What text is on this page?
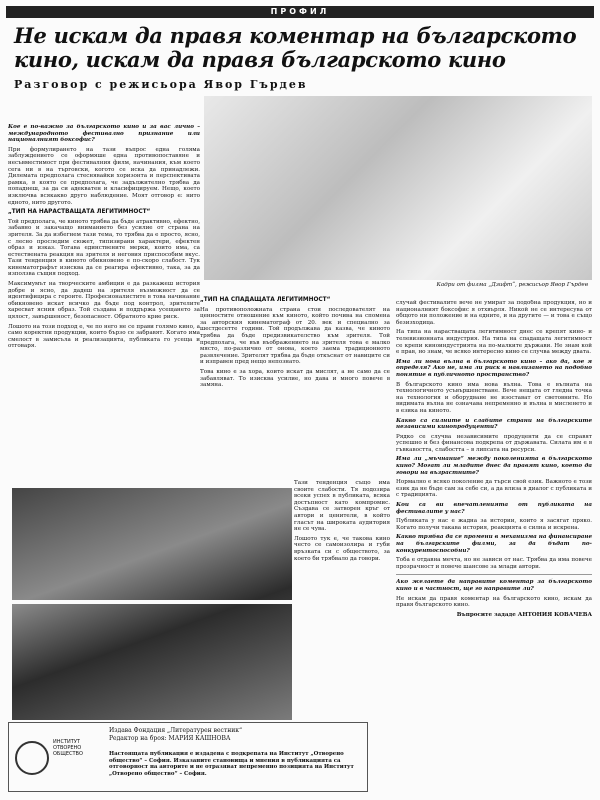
ПРОФИЛ
Не искам да правя коментар на българското кино, искам да правя българското кино
Разговор с режисьора Явор Гърдев
Кадри от филма „Дзифт“, режисьор Явор Гърдев

Кое е по-важно за българското кино и за вас лично – международното фестивално признание или националният боксофис?

При формулирането на тази въпрос една голяма заблуждението се оформяше една противопоставяне и несъвместимост при фестивалния филм, начинания, към което сега ни в на търговски, когото се иска да принадлежи. Дилемата предполага стеснявайки хоризонта и перспективата рамка, в която се предполага, че задължително трябва да попаднеш, за да си адекватен и класифицируем. Нещо, което изключва всякакво друго наблюдение. Моят отговор е: нито едното, нито другото.

„ТИП НА НАРАСТВАЩАТА ЛЕГИТИМНОСТ“

Той предполага, че киното трябва да бъде атрактивно, ефектно, забавно и закачащо вниманието без усилие от страна на зрителя. За да избегнем тази тема, то трябва да е просто, ясно, с лесно проследим сюжет, типизирани характери, ефектен образ и изказ. Тогава единствените мерки, които има, са естествената реакция на зрителя и неговия приспособим вкус. Тази тенденция в киното обикновено е по-скоро слабост. Тук кинематографът изисква да се реагира ефективно, така, за да използва същия подход.

Максимумът на творческите амбиции е да разкажеш история добре и ясно, да дадеш на зрителя възможност да се идентифицира с героите. Професионалистите в това начинание обикновено искат всичко да бъде под контрол, зрителите харесват ясния образ. Той създава и поддържа усещането за цялост, завършеност, безопасност. Обратното крие риск.

Лошото на този подход е, че по него не се прави голямо кино, а само коректни продукции, които бързо се забравят. Когато има смелост в замисъла и реализацията, публиката го усеща и отговаря.

„ТИП НА СПАДАЩАТА ЛЕГИТИМНОСТ“

На противоположната страна стои последователят на ценностите отношение към киното, който почива на спомена за авторския кинематограф от 20. век и специално за шестдесетте години. Той продължава да казва, че киното трябва да бъде предизвикателство към зрителя. Той предполага, че във въображението на зрителя това е малко място, по-различно от онова, което заема традиционното развлечение. Зрителят трябва да бъде откъснат от навиците си и изправен пред нещо непознато.

Това кино е за хора, които искат да мислят, а не само да се забавляват. То изисква усилие, но дава и много повече в замяна.

Тази тенденция също има своите слабости. Тя подозира всеки успех в публиката, всяка достъпност като компромис. Създава се затворен кръг от автори и ценители, в който гласът на широката аудитория не се чува.

Лошото тук е, че такова кино често се самоизолира и губи връзката си с обществото, за което би трябвало да говори.

случай фестивалите вече не умират за подобна продукция, но и националният боксофис я отхвърля. Никой не се интересува от общото ни положение и на едните, и на другите — и това е също безизходица.

На типа на нарастващата легитимност днес се крепят кино- и телевизионната индустрия. На типа на спадащата легитимност се крепи киноиндустрията на по-малките държави. Не знам кой е прав, но знам, че всяко интересно кино се случва между двата.

Има ли нова вълна в българското кино – ако да, кое я определя? Ако не, има ли риск в навлизането на подобно понятие в публичното пространство?

В българското кино има нова вълна. Това е вълната на технологичното усъвършенстване. Вече нещата от гледна точка на технология и оборудване не изостават от световните. Но видимата вълна не означава непременно и вълна в мисленето и в езика на киното.

Какво са силните и слабите страни на българските независими кинопродуценти?

Рядко се случва независимите продуценти да се справят успешно и без финансова подкрепа от държавата. Силата им е в гъвкавостта, слабостта – в липсата на ресурси.

Има ли „мъчнание“ между поколенията в българското кино? Могат ли младите днес да правят кино, което да говори на възрастните?

Нормално е всяко поколение да търси свой език. Важното е този език да не бъде сам за себе си, а да влиза в диалог с публиката и с традицията.

Кои са ви впечатленията от публиката на фестивалите у нас?

Публиката у нас е жадна за истории, които я засягат пряко. Когато получи такава история, реакцията е силна и искрена.

Какво трябва да се промени в механизма на финансиране на българските филми, за да бъдат по-конкурентоспособни?

Тоба е отдавна мечта, но не зависи от нас. Трябва да има повече прозрачност и повече шансове за млади автори.

Ако желаете да направите коментар за българското кино и в частност, ще го направите ли?

Не искам да правя коментар на българското кино, искам да правя българското кино.

Въпросите зададе АНТОНИЯ КОВАЧЕВА

ИНСТИТУТ ОТВОРЕНО ОБЩЕСТВО
Издава Фондация „Литературен вестник“
Редактор на броя: МАРИЯ КАШНОВА
Настоящата публикация е издадена с подкрепата на Институт „Отворено общество“ – София. Изказаните становища и мнения в публикацията са отговорност на авторите и не отразяват непременно позицията на Институт „Отворено общество“ – София.
